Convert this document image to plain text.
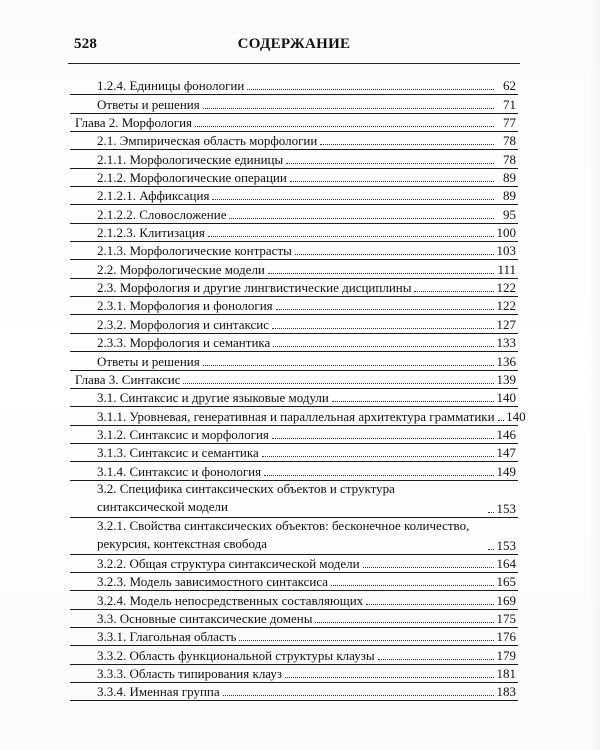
528	СОДЕРЖАНИЕ
1.2.4. Единицы фонологии	62
Ответы и решения	71
Глава 2. Морфология	77
2.1. Эмпирическая область морфологии	78
2.1.1. Морфологические единицы	78
2.1.2. Морфологические операции	89
2.1.2.1. Аффиксация	89
2.1.2.2. Словосложение	95
2.1.2.3. Клитизация	100
2.1.3. Морфологические контрасты	103
2.2. Морфологические модели	111
2.3. Морфология и другие лингвистические дисциплины	122
2.3.1. Морфология и фонология	122
2.3.2. Морфология и синтаксис	127
2.3.3. Морфология и семантика	133
Ответы и решения	136
Глава 3. Синтаксис	139
3.1. Синтаксис и другие языковые модули	140
3.1.1. Уровневая, генеративная и параллельная архитектура грамматики 140
3.1.2. Синтаксис и морфология	146
3.1.3. Синтаксис и семантика	147
3.1.4. Синтаксис и фонология	149
3.2. Специфика синтаксических объектов и структура синтаксической модели	153
3.2.1. Свойства синтаксических объектов: бесконечное количество, рекурсия, контекстная свобода	153
3.2.2. Общая структура синтаксической модели	164
3.2.3. Модель зависимостного синтаксиса	165
3.2.4. Модель непосредственных составляющих	169
3.3. Основные синтаксические домены	175
3.3.1. Глагольная область	176
3.3.2. Область функциональной структуры клаузы	179
3.3.3. Область типирования клауз	181
3.3.4. Именная группа	183
